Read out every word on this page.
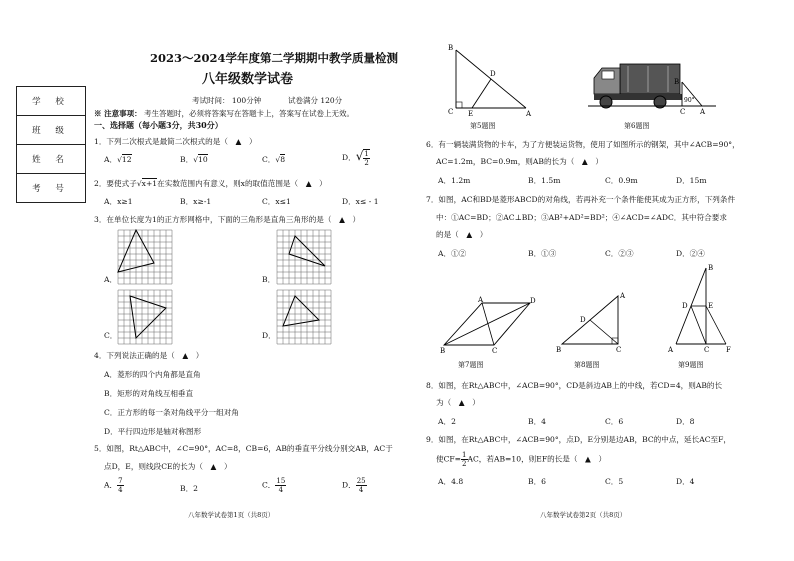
学 校
班 级
姓 名
考 号
2023～2024学年度第二学期期中教学质量检测
八年级数学试卷
考试时间： 100分钟	试卷满分 120分
※ 注意事项： 考生答题时，必须将答案写在答题卡上，答案写在试卷上无效。
一、选择题（每小题3分，共30分）
1．下列二次根式是最简二次根式的是（　▲　）
A．√12	B．√10	C．√8	D．√ $\frac{1}{2}$
2．要使式子√x+1在实数范围内有意义，则x的取值范围是（　▲　）
A．x≥1	B．x≥-1	C．x≤1	D．x≤ - 1
3．在单位长度为1的正方形网格中，下面的三角形是直角三角形的是（　▲　）
A．	B．
C．	D．
4．下列说法正确的是（　▲　）
A．菱形的四个内角都是直角
B．矩形的对角线互相垂直
C．正方形的每一条对角线平分一组对角
D．平行四边形是轴对称图形
5．如图，Rt△ABC中，∠C=90°，AC=8，CB=6，AB的垂直平分线分别交AB，AC于
点D，E，则线段CE的长为（　▲　）
A． $\frac{7}{4}$	B．2	C． $\frac{15}{4}$	D． $\frac{25}{4}$
八年数学试卷第1页（共8页）
B
D
C E	A
第5题图
B
90°
C A
第6题图
6．有一辆装满货物的卡车，为了方便装运货物，使用了如图所示的钢架，其中∠ACB=90°，
AC=1.2m，BC=0.9m，则AB的长为（　▲　）
A．1.2m	B．1.5m	C．0.9m	D．15m
7．如图，AC和BD是菱形ABCD的对角线，若再补充一个条件能使其成为正方形，下列条件
中：①AC=BD；②AC⊥BD；③AB²+AD²=BD²；④∠ACD=∠ADC．其中符合要求
的是（　▲　）
A．①②	B．①③	C．②③	D．②④
A	D
B	C
第7题图
A
D
B	C
第8题图
B
D	E
A	C F
第9题图
8．如图，在Rt△ABC中，∠ACB=90°，CD是斜边AB上的中线，若CD=4，则AB的长
为（　▲　）
A．2	B．4	C．6	D．8
9．如图，在Rt△ABC中，∠ACB=90°，点D，E分别是边AB，BC的中点，延长AC至F，
使$CF= \frac{1}{2}$ AC，若AB=10，则EF的长是（　▲　）
A．4.8	B．6	C．5	D．4
八年数学试卷第2页（共8页）
